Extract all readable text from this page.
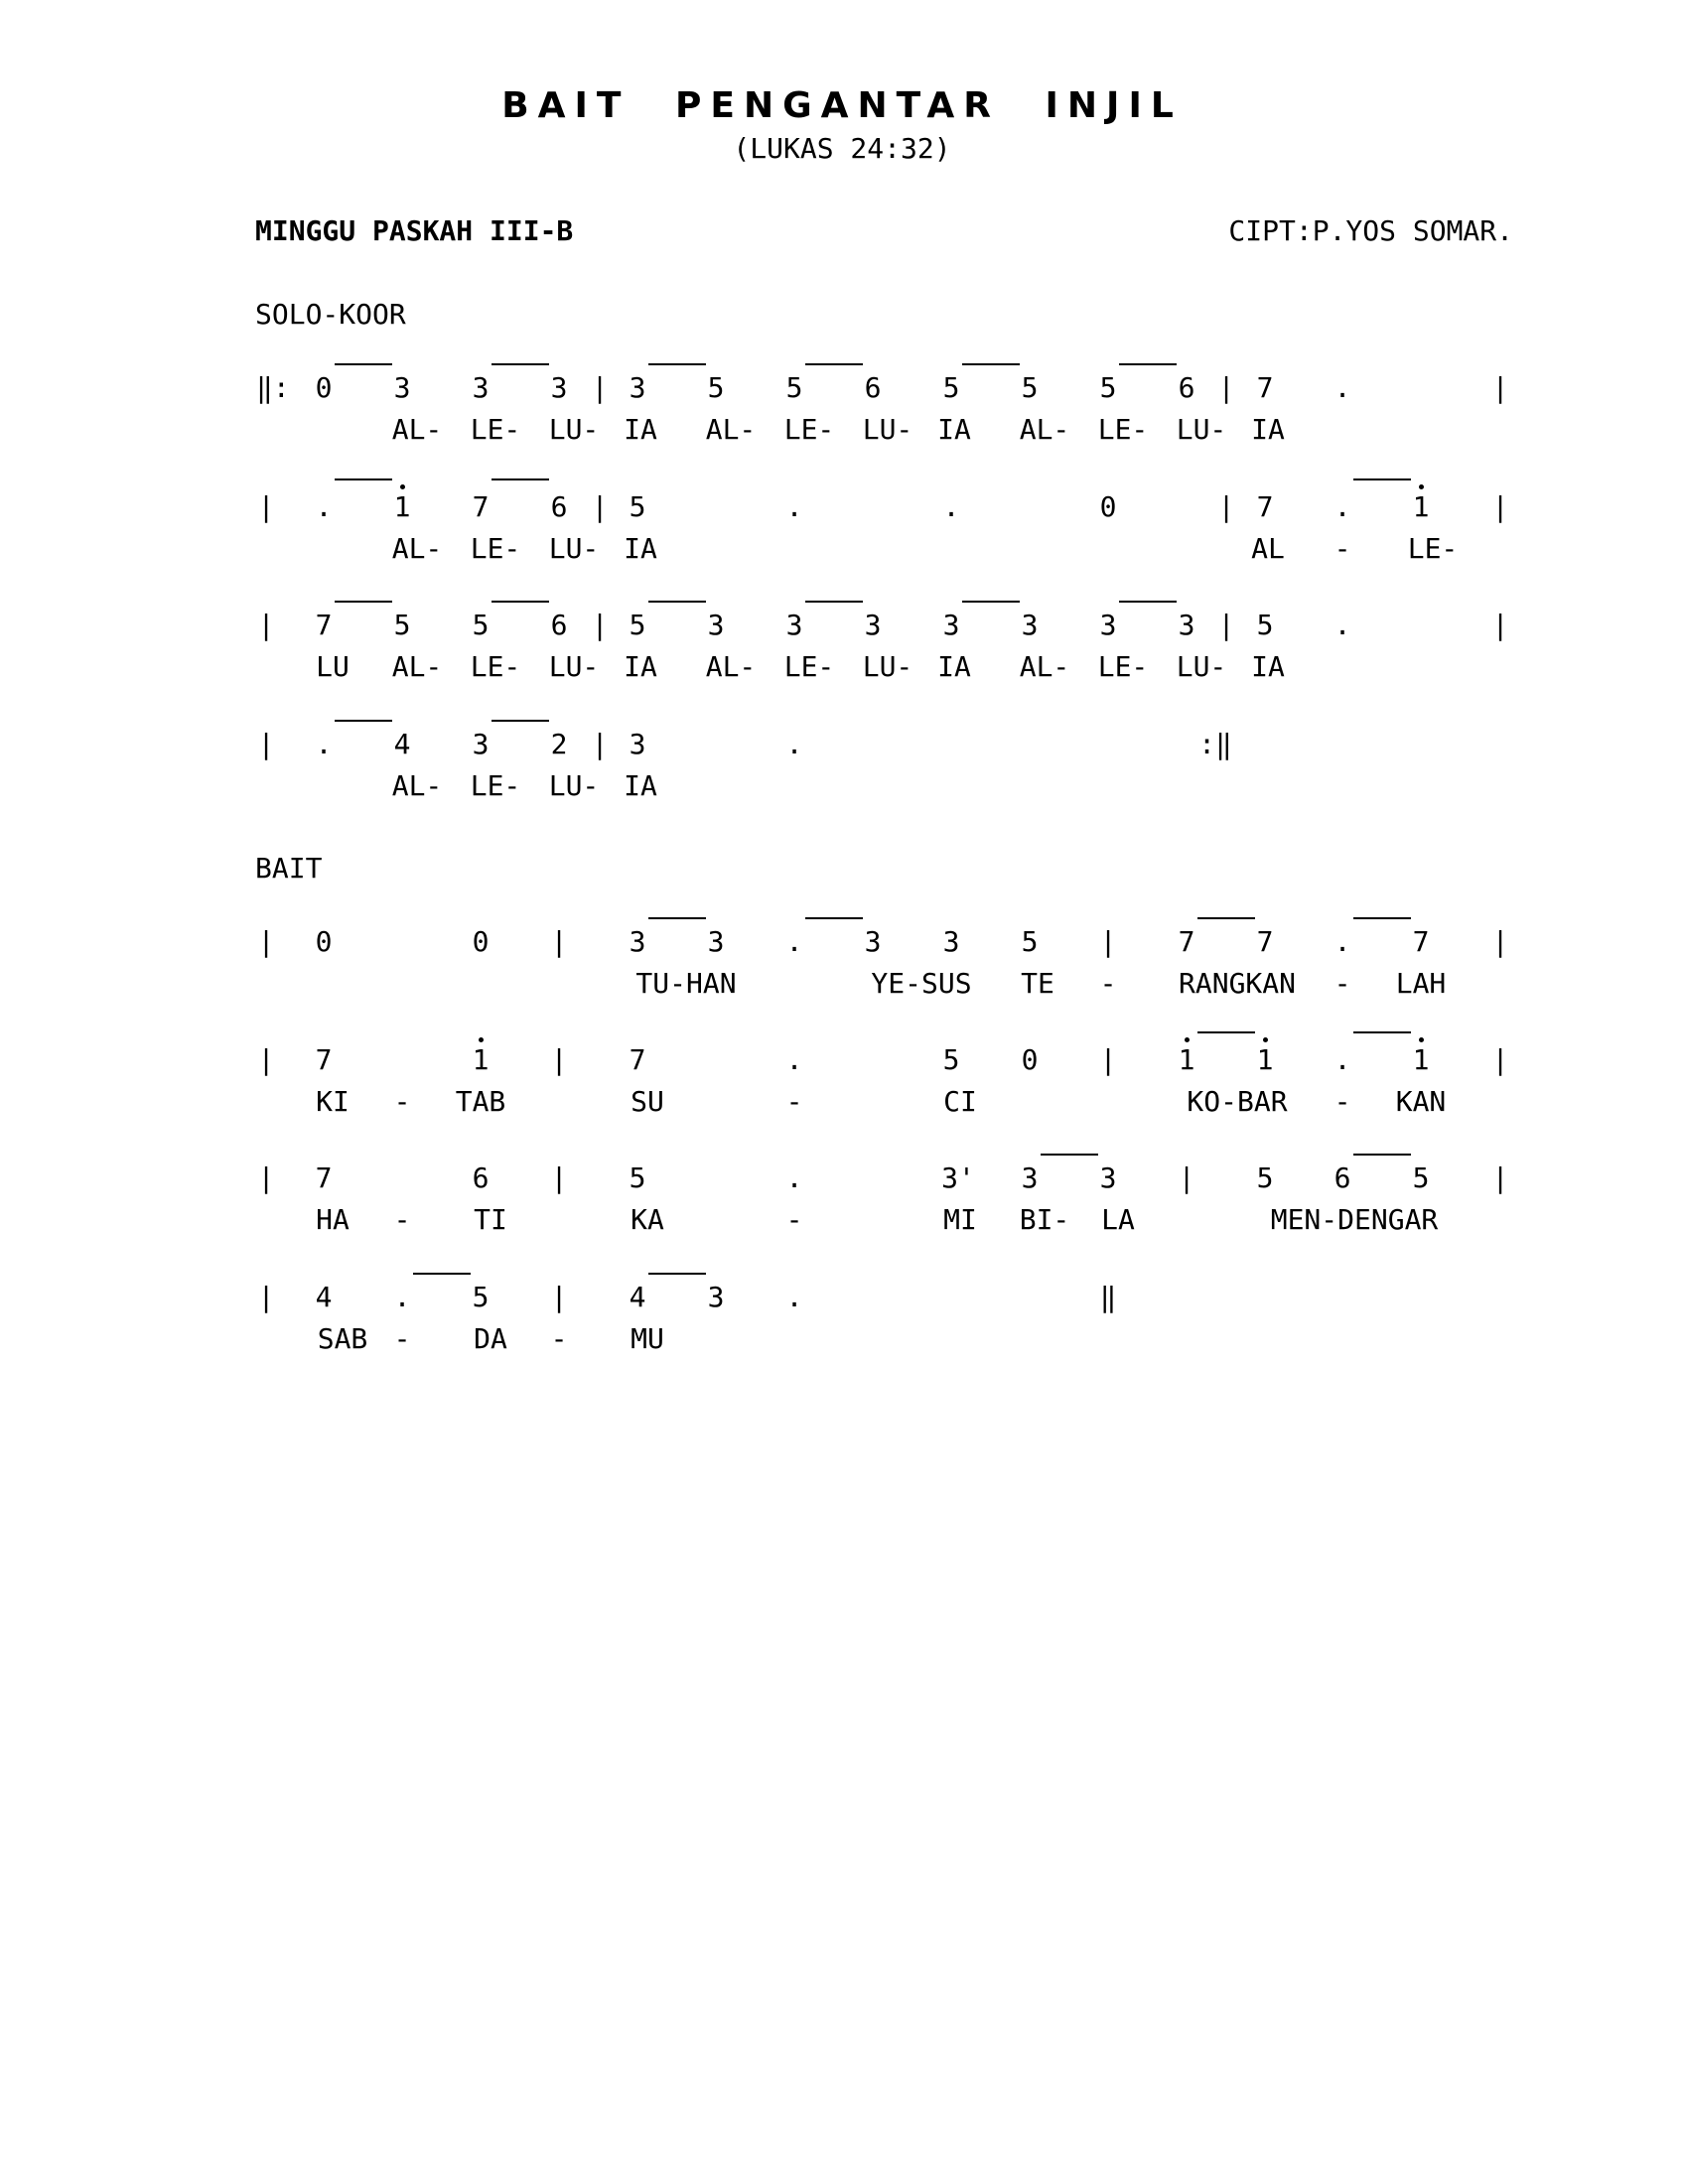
BAIT PENGANTAR INJIL
(LUKAS 24:32)
MINGGU PASKAH III-B	CIPT:P.YOS SOMAR.
SOLO-KOOR
‖: 0 3 3 3 | 3 5 5 6 5 5 5 6 | 7 .	|
AL- LE- LU- IA AL- LE- LU- IA AL- LE- LU- IA
| . 1 7 6 | 5	.	.	0	| 7 . 1 |
AL- LE- LU- IA	AL - LE-
| 7 5 5 6 | 5 3 3 3 3 3 3 3 | 5 .	|
LU AL- LE- LU- IA AL- LE- LU- IA AL- LE- LU- IA
| . 4 3 2 | 3	.	:‖
AL- LE- LU- IA
BAIT
| 0	0 | 3 3 . 3 3 5 | 7 7 . 7 |
TU-HAN	YE-SUS TE - RANGKAN - LAH
| 7	1 | 7	.	5 0 | 1 1 . 1 |
KI - TAB	SU	-	CI	KO-BAR - KAN
| 7	6 | 5	.	3' 3 3 | 5 6 5 |
HA - TI	KA	-	MI BI- LA	MEN-DENGAR
| 4 . 5 | 4 3 .	‖
SAB - DA - MU
